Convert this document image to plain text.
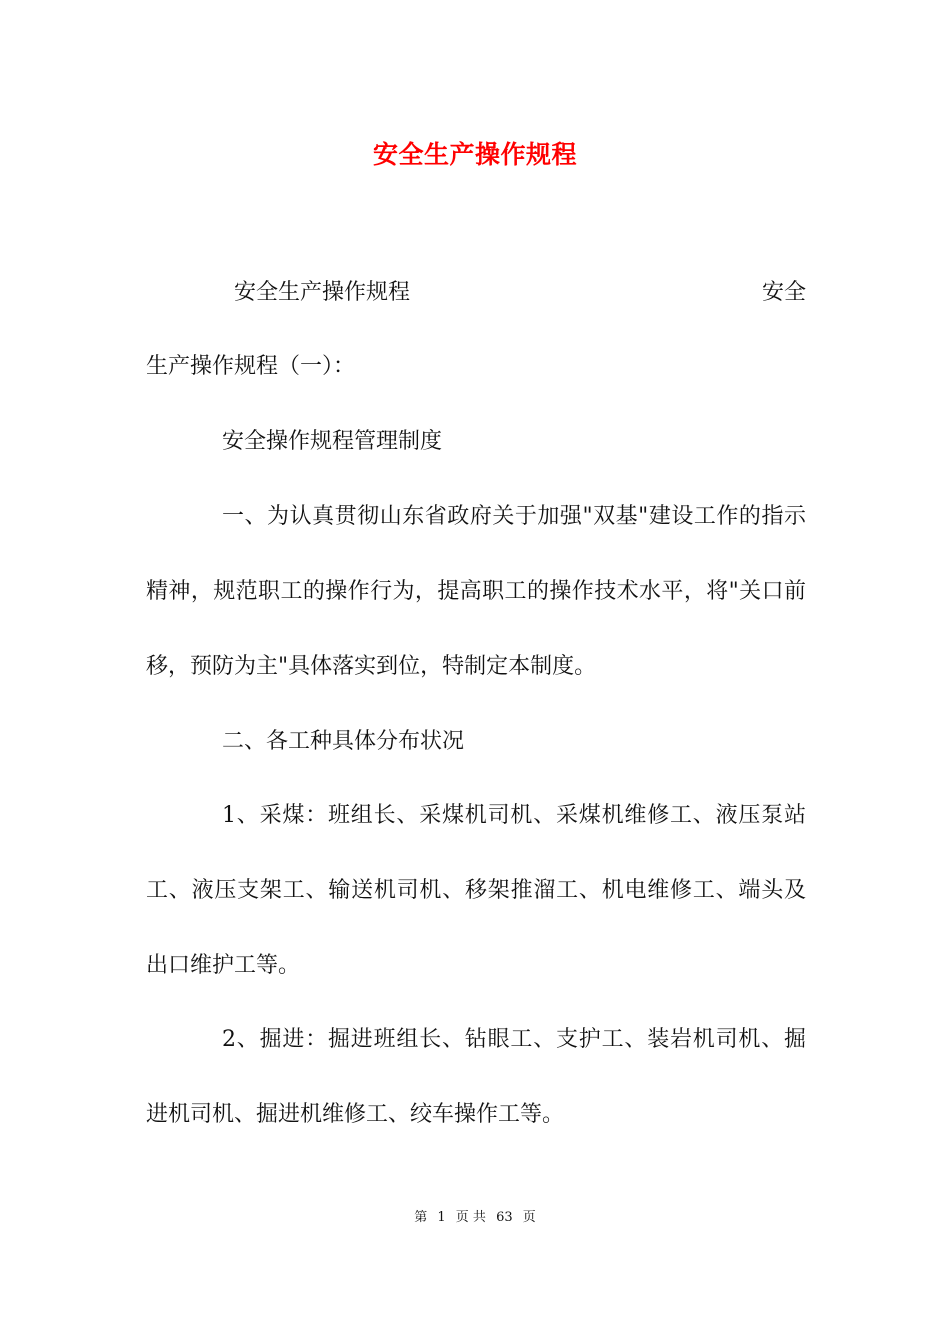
安全生产操作规程
安全生产操作规程	安全
生产操作规程（一）：
安全操作规程管理制度
一、为认真贯彻山东省政府关于加强"双基"建设工作的指示
精神，规范职工的操作行为，提高职工的操作技术水平，将"关口前
移，预防为主"具体落实到位，特制定本制度。
二、各工种具体分布状况
1、采煤：班组长、采煤机司机、采煤机维修工、液压泵站
工、液压支架工、输送机司机、移架推溜工、机电维修工、端头及
出口维护工等。
2、掘进：掘进班组长、钻眼工、支护工、装岩机司机、掘
进机司机、掘进机维修工、绞车操作工等。
第 1 页 共 63 页
